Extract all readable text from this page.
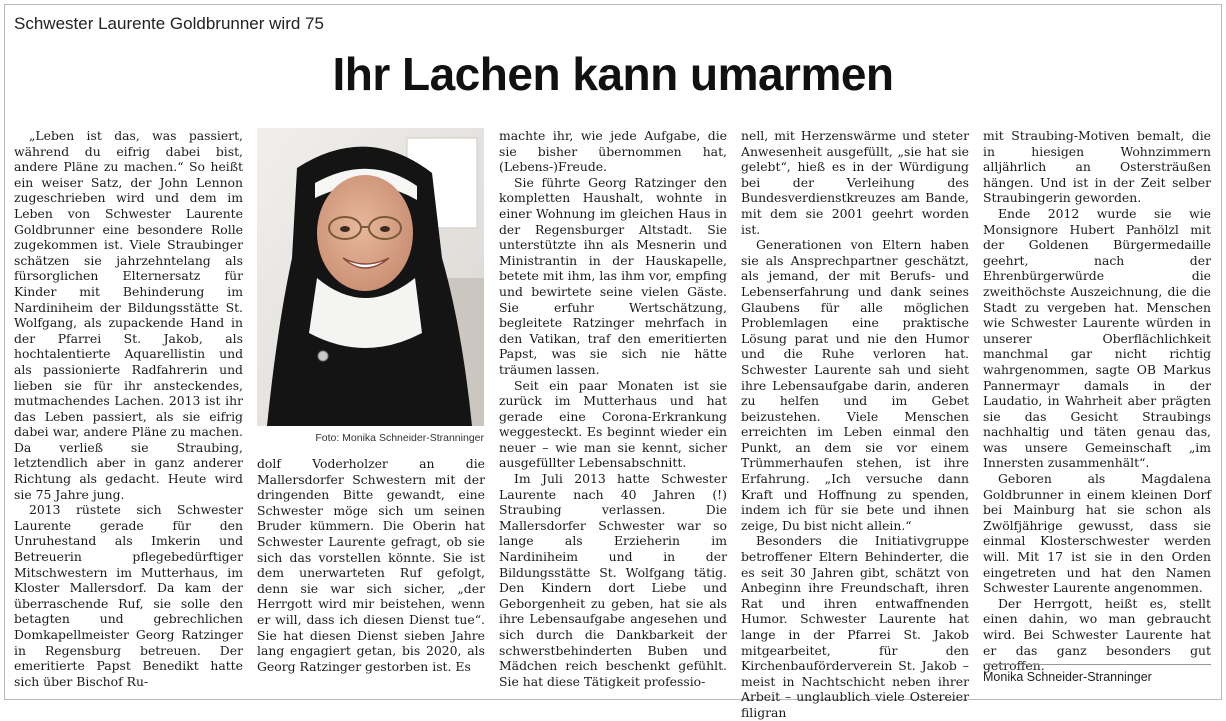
Schwester Laurente Goldbrunner wird 75
Ihr Lachen kann umarmen

„Leben ist das, was passiert, während du eifrig dabei bist, andere Pläne zu machen.“ So heißt ein weiser Satz, der John Lennon zugeschrieben wird und dem im Leben von Schwester Laurente Goldbrunner eine besondere Rolle zugekommen ist. Viele Straubinger schätzen sie jahrzehntelang als fürsorglichen Elternersatz für Kinder mit Behinderung im Nardiniheim der Bildungsstätte St. Wolfgang, als zupackende Hand in der Pfarrei St. Jakob, als hochtalentierte Aquarellistin und als passionierte Radfahrerin und lieben sie für ihr ansteckendes, mutmachendes Lachen. 2013 ist ihr das Leben passiert, als sie eifrig dabei war, andere Pläne zu machen. Da verließ sie Straubing, letztendlich aber in ganz anderer Richtung als gedacht. Heute wird sie 75 Jahre jung.

2013 rüstete sich Schwester Laurente gerade für den Unruhestand als Imkerin und Betreuerin pflegebedürftiger Mitschwestern im Mutterhaus, im Kloster Mallersdorf. Da kam der überraschende Ruf, sie solle den betagten und gebrechlichen Domkapellmeister Georg Ratzinger in Regensburg betreuen. Der emeritierte Papst Benedikt hatte sich über Bischof Ru-

Foto: Monika Schneider-Stranninger

dolf Voderholzer an die Mallersdorfer Schwestern mit der dringenden Bitte gewandt, eine Schwester möge sich um seinen Bruder kümmern. Die Oberin hat Schwester Laurente gefragt, ob sie sich das vorstellen könnte. Sie ist dem unerwarteten Ruf gefolgt, denn sie war sich sicher, „der Herrgott wird mir beistehen, wenn er will, dass ich diesen Dienst tue“. Sie hat diesen Dienst sieben Jahre lang engagiert getan, bis 2020, als Georg Ratzinger gestorben ist. Es

machte ihr, wie jede Aufgabe, die sie bisher übernommen hat, (Lebens-)Freude.

Sie führte Georg Ratzinger den kompletten Haushalt, wohnte in einer Wohnung im gleichen Haus in der Regensburger Altstadt. Sie unterstützte ihn als Mesnerin und Ministrantin in der Hauskapelle, betete mit ihm, las ihm vor, empfing und bewirtete seine vielen Gäste. Sie erfuhr Wertschätzung, begleitete Ratzinger mehrfach in den Vatikan, traf den emeritierten Papst, was sie sich nie hätte träumen lassen.

Seit ein paar Monaten ist sie zurück im Mutterhaus und hat gerade eine Corona-Erkrankung weggesteckt. Es beginnt wieder ein neuer – wie man sie kennt, sicher ausgefüllter Lebensabschnitt.

Im Juli 2013 hatte Schwester Laurente nach 40 Jahren (!) Straubing verlassen. Die Mallersdorfer Schwester war so lange als Erzieherin im Nardiniheim und in der Bildungsstätte St. Wolfgang tätig. Den Kindern dort Liebe und Geborgenheit zu geben, hat sie als ihre Lebensaufgabe angesehen und sich durch die Dankbarkeit der schwerstbehinderten Buben und Mädchen reich beschenkt gefühlt. Sie hat diese Tätigkeit professio-

nell, mit Herzenswärme und steter Anwesenheit ausgefüllt, „sie hat sie gelebt“, hieß es in der Würdigung bei der Verleihung des Bundesverdienstkreuzes am Bande, mit dem sie 2001 geehrt worden ist.

Generationen von Eltern haben sie als Ansprechpartner geschätzt, als jemand, der mit Berufs- und Lebenserfahrung und dank seines Glaubens für alle möglichen Problemlagen eine praktische Lösung parat und nie den Humor und die Ruhe verloren hat. Schwester Laurente sah und sieht ihre Lebensaufgabe darin, anderen zu helfen und im Gebet beizustehen. Viele Menschen erreichten im Leben einmal den Punkt, an dem sie vor einem Trümmerhaufen stehen, ist ihre Erfahrung. „Ich versuche dann Kraft und Hoffnung zu spenden, indem ich für sie bete und ihnen zeige, Du bist nicht allein.“

Besonders die Initiativgruppe betroffener Eltern Behinderter, die es seit 30 Jahren gibt, schätzt von Anbeginn ihre Freundschaft, ihren Rat und ihren entwaffnenden Humor. Schwester Laurente hat lange in der Pfarrei St. Jakob mitgearbeitet, für den Kirchenbauförderverein St. Jakob – meist in Nachtschicht neben ihrer Arbeit – unglaublich viele Ostereier filigran

mit Straubing-Motiven bemalt, die in hiesigen Wohnzimmern alljährlich an Ostersträußen hängen. Und ist in der Zeit selber Straubingerin geworden.

Ende 2012 wurde sie wie Monsignore Hubert Panhölzl mit der Goldenen Bürgermedaille geehrt, nach der Ehrenbürgerwürde die zweithöchste Auszeichnung, die die Stadt zu vergeben hat. Menschen wie Schwester Laurente würden in unserer Oberflächlichkeit manchmal gar nicht richtig wahrgenommen, sagte OB Markus Pannermayr damals in der Laudatio, in Wahrheit aber prägten sie das Gesicht Straubings nachhaltig und täten genau das, was unsere Gemeinschaft „im Innersten zusammenhält“.

Geboren als Magdalena Goldbrunner in einem kleinen Dorf bei Mainburg hat sie schon als Zwölfjährige gewusst, dass sie einmal Klosterschwester werden will. Mit 17 ist sie in den Orden eingetreten und hat den Namen Schwester Laurente angenommen.

Der Herrgott, heißt es, stellt einen dahin, wo man gebraucht wird. Bei Schwester Laurente hat er das ganz besonders gut getroffen.

Monika Schneider-Stranninger
